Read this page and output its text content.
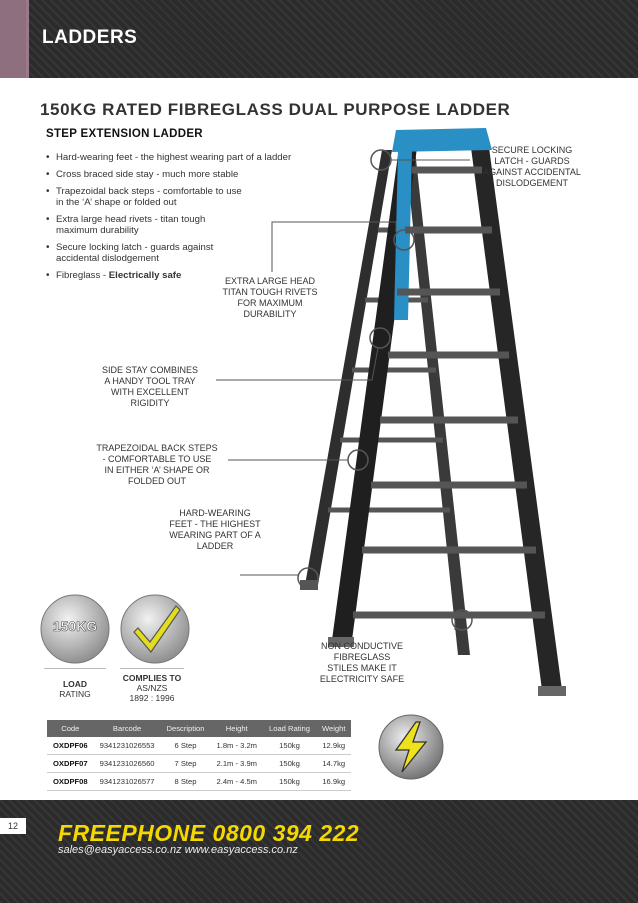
LADDERS
150KG RATED FIBREGLASS DUAL PURPOSE LADDER
STEP EXTENSION LADDER
• Hard-wearing feet - the highest wearing part of a ladder
• Cross braced side stay - much more stable
• Trapezoidal back steps - comfortable to use
in the ‘A’ shape or folded out
• Extra large head rivets - titan tough
maximum durability
• Secure locking latch - guards against
accidental dislodgement
• Fibreglass - Electrically safe
SECURE LOCKING
LATCH - GUARDS
AGAINST ACCIDENTAL
DISLODGEMENT
EXTRA LARGE HEAD
TITAN TOUGH RIVETS
FOR MAXIMUM
DURABILITY
SIDE STAY COMBINES
A HANDY TOOL TRAY
WITH EXCELLENT
RIGIDITY
TRAPEZOIDAL BACK STEPS
- COMFORTABLE TO USE
IN EITHER ‘A’ SHAPE OR
FOLDED OUT
HARD-WEARING
FEET - THE HIGHEST
WEARING PART OF A
LADDER
NON CONDUCTIVE
FIBREGLASS
STILES MAKE IT
ELECTRICITY SAFE
150KG
LOAD
RATING
COMPLIES TO
AS/NZS
1892 : 1996
Code	Barcode	Description	Height	Load Rating	Weight
OXDPF06	9341231026553	6 Step	1.8m - 3.2m	150kg	12.9kg
OXDPF07	9341231026560	7 Step	2.1m - 3.9m	150kg	14.7kg
OXDPF08	9341231026577	8 Step	2.4m - 4.5m	150kg	16.9kg
12	FREEPHONE 0800 394 222
sales@easyaccess.co.nz www.easyaccess.co.nz
